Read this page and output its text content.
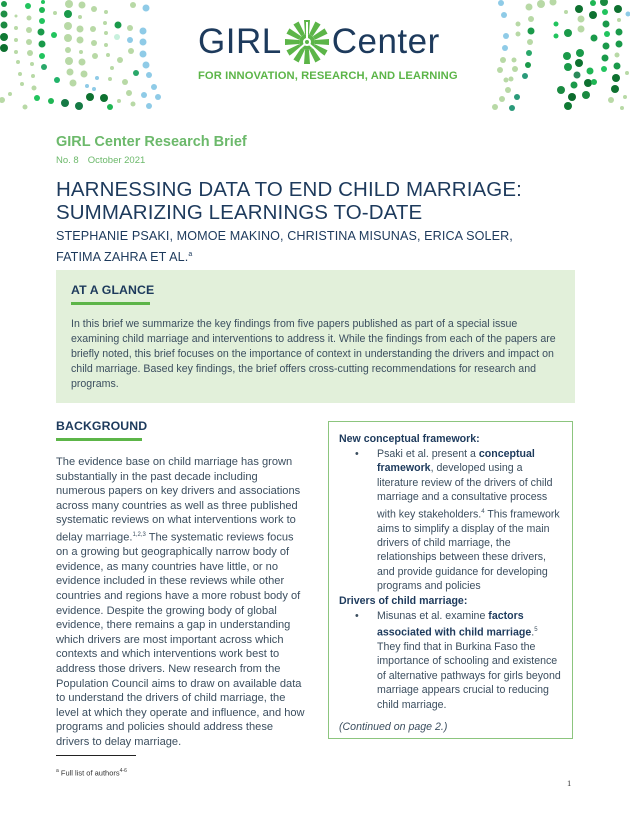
GIRL Center
FOR INNOVATION, RESEARCH, AND LEARNING
GIRL Center Research Brief
No. 8 October 2021
HARNESSING DATA TO END CHILD MARRIAGE:
SUMMARIZING LEARNINGS TO-DATE
STEPHANIE PSAKI, MOMOE MAKINO, CHRISTINA MISUNAS, ERICA SOLER,
FATIMA ZAHRA ET AL.$^a$
AT A GLANCE

In this brief we summarize the key findings from five papers published as part of a special issue examining child marriage and interventions to address it. While the findings from each of the papers are briefly noted, this brief focuses on the importance of context in understanding the drivers and impact on child marriage. Based key findings, the brief offers cross-cutting recommendations for research and programs.

BACKGROUND

The evidence base on child marriage has grown substantially in the past decade including numerous papers on key drivers and associations across many countries as well as three published systematic reviews on what interventions work to delay marriage.$^{1,2,3}$ The systematic reviews focus on a growing but geographically narrow body of evidence, as many countries have little, or no evidence included in these reviews while other countries and regions have a more robust body of evidence. Despite the growing body of global evidence, there remains a gap in understanding which drivers are most important across which contexts and which interventions work best to address those drivers. New research from the Population Council aims to draw on available data to understand the drivers of child marriage, the level at which they operate and influence, and how programs and policies should address these drivers to delay marriage.

New conceptual framework:
•	Psaki et al. present a conceptual framework, developed using a literature review of the drivers of child marriage and a consultative process with key stakeholders.$^4$ This framework aims to simplify a display of the main drivers of child marriage, the relationships between these drivers, and provide guidance for developing programs and policies
Drivers of child marriage:
•	Misunas et al. examine factors associated with child marriage.$^5$ They find that in Burkina Faso the importance of schooling and existence of alternative pathways for girls beyond marriage appears crucial to reducing child marriage.
(Continued on page 2.)
$^a$ Full list of authors$^{4-6}$
1
